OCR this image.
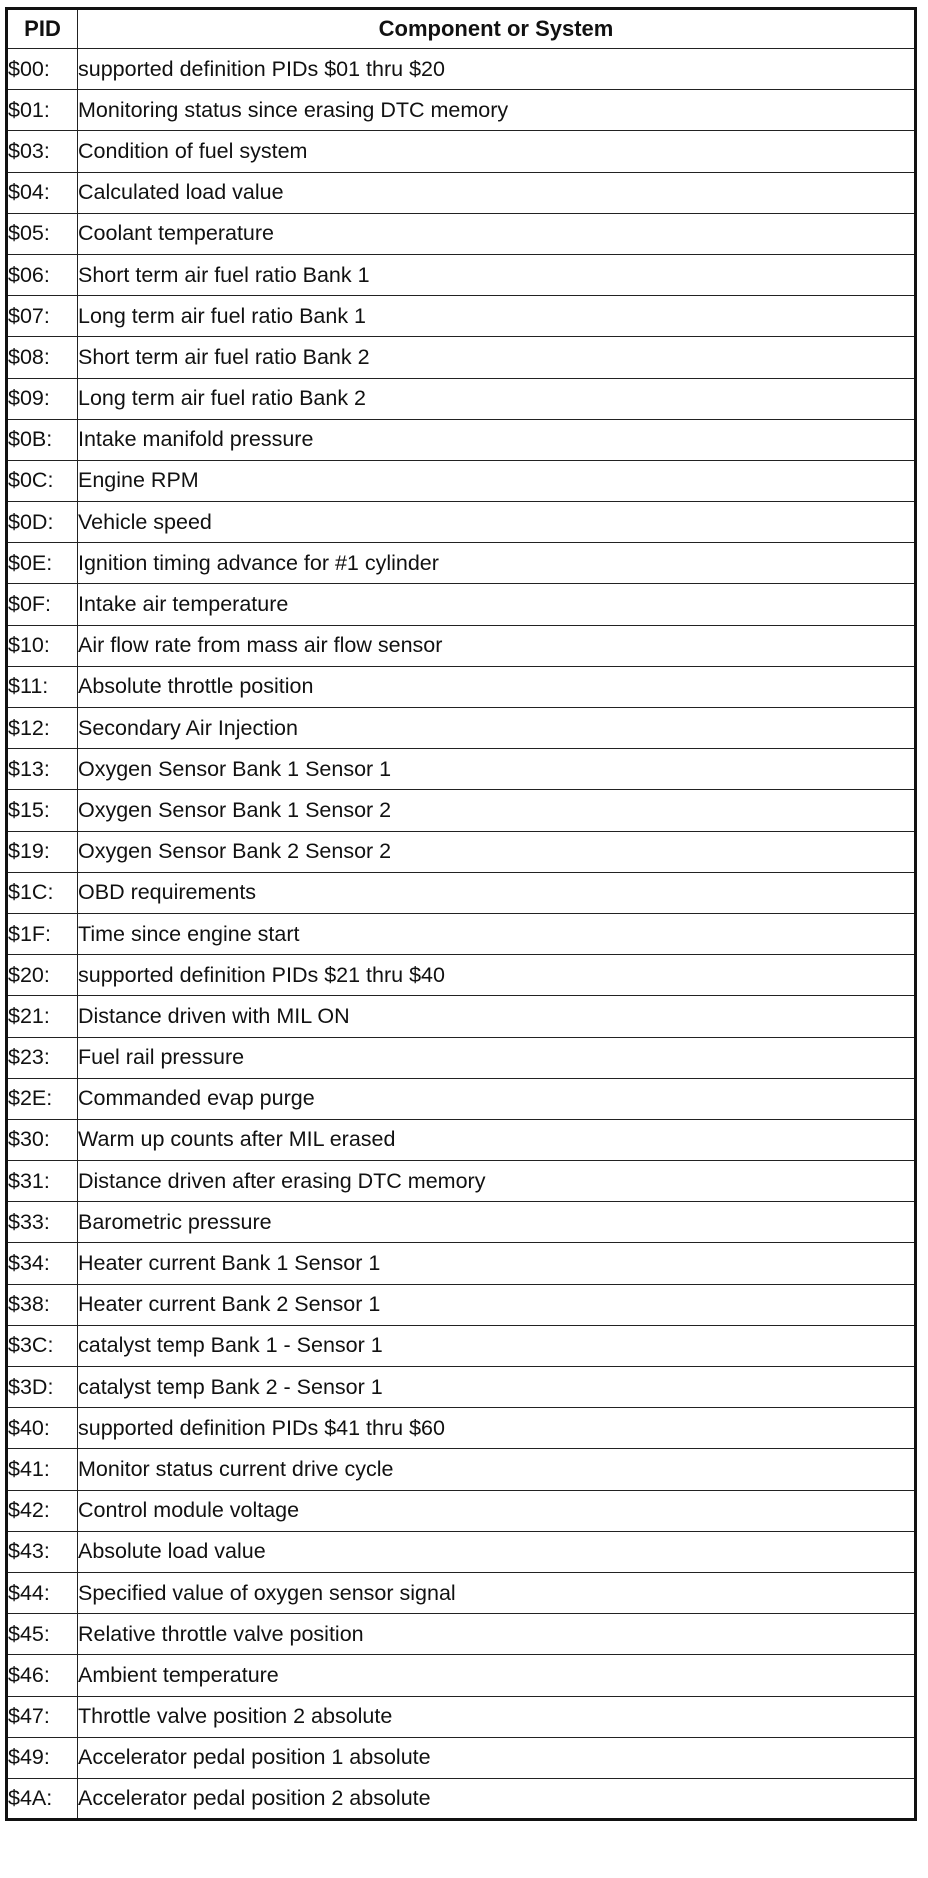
PID	Component or System
$00:	supported definition PIDs $01 thru $20
$01:	Monitoring status since erasing DTC memory
$03:	Condition of fuel system
$04:	Calculated load value
$05:	Coolant temperature
$06:	Short term air fuel ratio Bank 1
$07:	Long term air fuel ratio Bank 1
$08:	Short term air fuel ratio Bank 2
$09:	Long term air fuel ratio Bank 2
$0B:	Intake manifold pressure
$0C:	Engine RPM
$0D:	Vehicle speed
$0E:	Ignition timing advance for #1 cylinder
$0F:	Intake air temperature
$10:	Air flow rate from mass air flow sensor
$11:	Absolute throttle position
$12:	Secondary Air Injection
$13:	Oxygen Sensor Bank 1 Sensor 1
$15:	Oxygen Sensor Bank 1 Sensor 2
$19:	Oxygen Sensor Bank 2 Sensor 2
$1C:	OBD requirements
$1F:	Time since engine start
$20:	supported definition PIDs $21 thru $40
$21:	Distance driven with MIL ON
$23:	Fuel rail pressure
$2E:	Commanded evap purge
$30:	Warm up counts after MIL erased
$31:	Distance driven after erasing DTC memory
$33:	Barometric pressure
$34:	Heater current Bank 1 Sensor 1
$38:	Heater current Bank 2 Sensor 1
$3C:	catalyst temp Bank 1 - Sensor 1
$3D:	catalyst temp Bank 2 - Sensor 1
$40:	supported definition PIDs $41 thru $60
$41:	Monitor status current drive cycle
$42:	Control module voltage
$43:	Absolute load value
$44:	Specified value of oxygen sensor signal
$45:	Relative throttle valve position
$46:	Ambient temperature
$47:	Throttle valve position 2 absolute
$49:	Accelerator pedal position 1 absolute
$4A:	Accelerator pedal position 2 absolute
